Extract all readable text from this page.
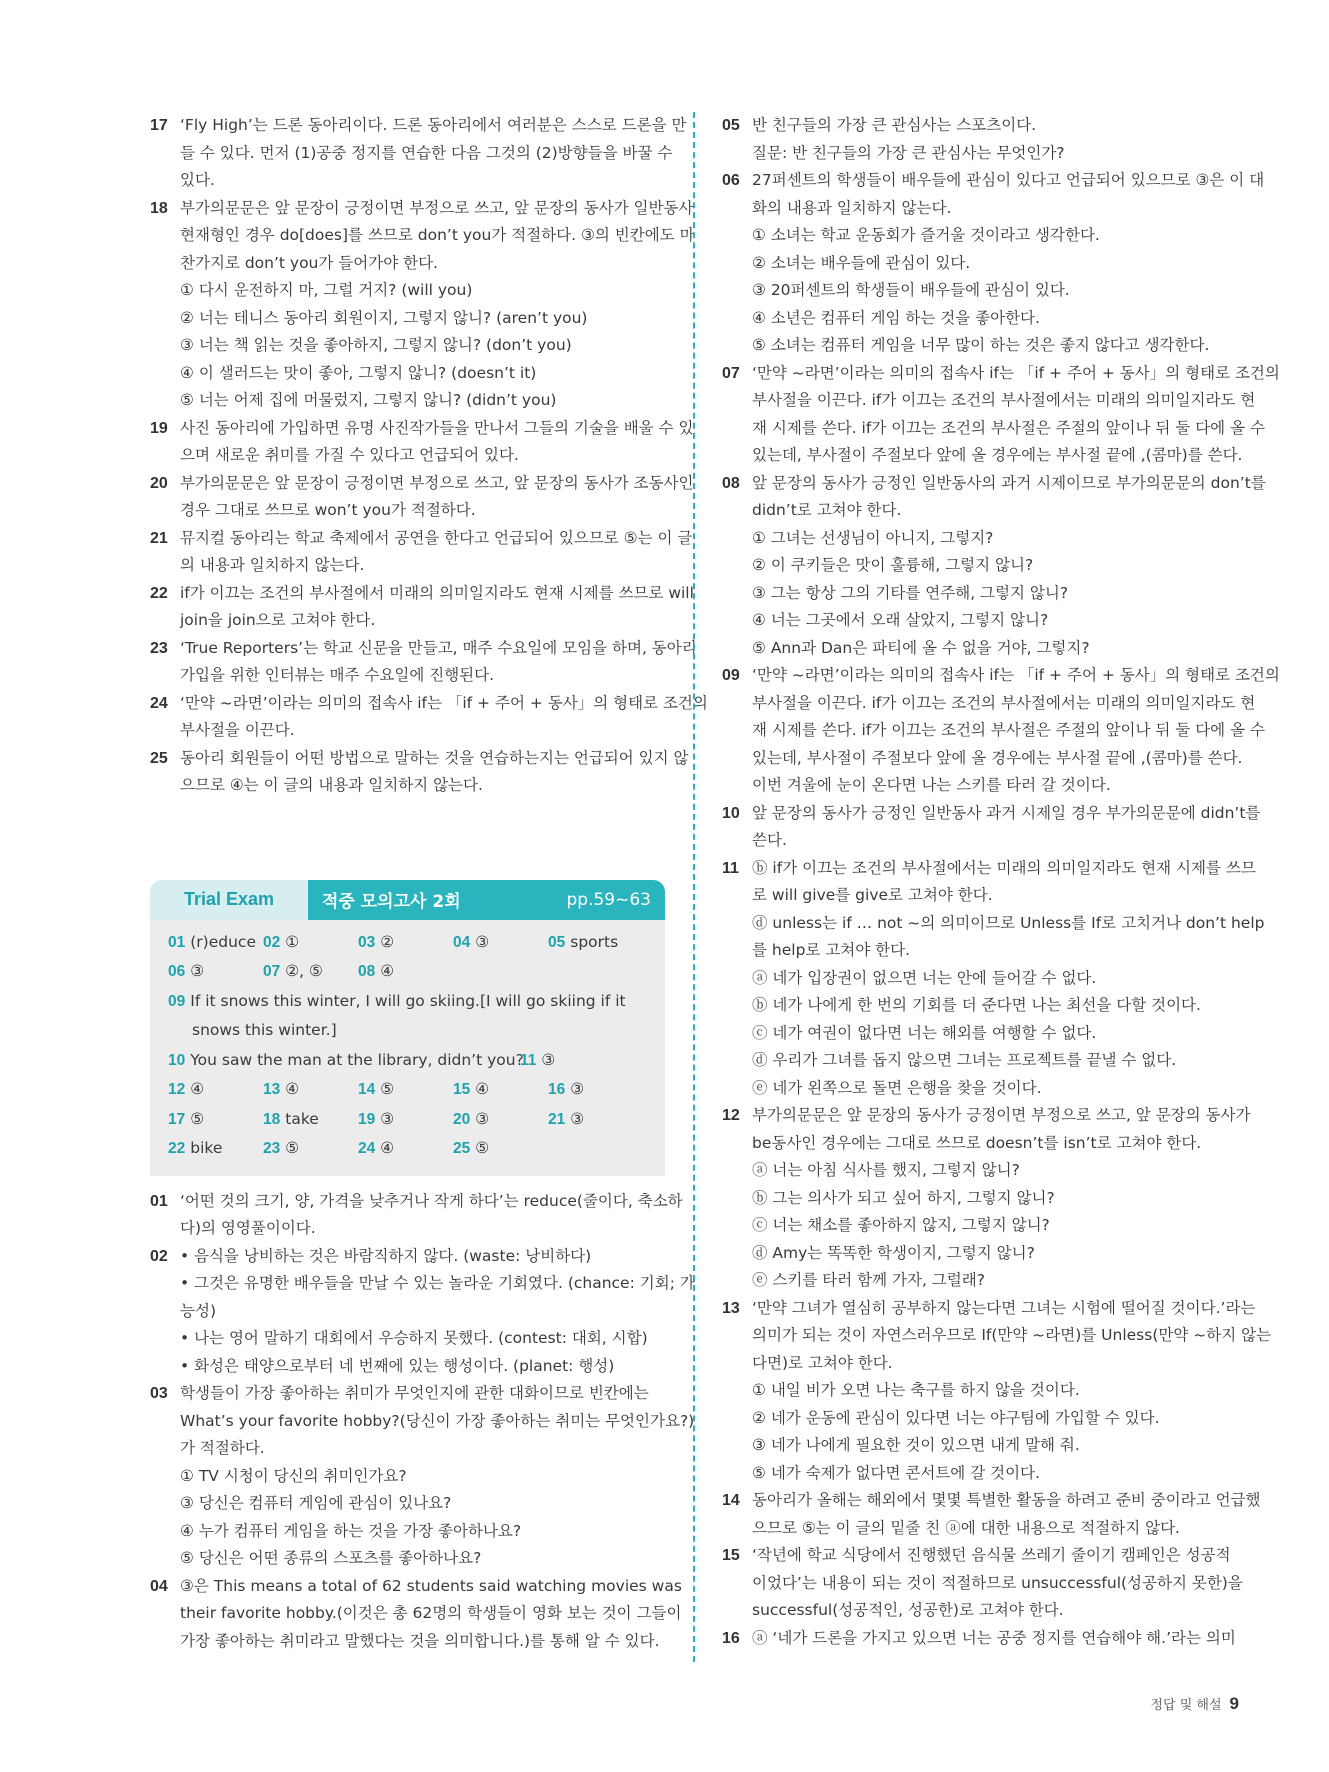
17 ‘Fly High’는 드론 동아리이다. 드론 동아리에서 여러분은 스스로 드론을 만
들 수 있다. 먼저 (1)공중 정지를 연습한 다음 그것의 (2)방향들을 바꿀 수
있다.
18 부가의문문은 앞 문장이 긍정이면 부정으로 쓰고, 앞 문장의 동사가 일반동사
현재형인 경우 do[does]를 쓰므로 don’t you가 적절하다. ③의 빈칸에도 마
찬가지로 don’t you가 들어가야 한다.
① 다시 운전하지 마, 그럴 거지? (will you)
② 너는 테니스 동아리 회원이지, 그렇지 않니? (aren’t you)
③ 너는 책 읽는 것을 좋아하지, 그렇지 않니? (don’t you)
④ 이 샐러드는 맛이 좋아, 그렇지 않니? (doesn’t it)
⑤ 너는 어제 집에 머물렀지, 그렇지 않니? (didn’t you)
19 사진 동아리에 가입하면 유명 사진작가들을 만나서 그들의 기술을 배울 수 있
으며 새로운 취미를 가질 수 있다고 언급되어 있다.
20 부가의문문은 앞 문장이 긍정이면 부정으로 쓰고, 앞 문장의 동사가 조동사인
경우 그대로 쓰므로 won’t you가 적절하다.
21 뮤지컬 동아리는 학교 축제에서 공연을 한다고 언급되어 있으므로 ⑤는 이 글
의 내용과 일치하지 않는다.
22 if가 이끄는 조건의 부사절에서 미래의 의미일지라도 현재 시제를 쓰므로 will
join을 join으로 고쳐야 한다.
23 ‘True Reporters’는 학교 신문을 만들고, 매주 수요일에 모임을 하며, 동아리
가입을 위한 인터뷰는 매주 수요일에 진행된다.
24 ‘만약 ~라면’이라는 의미의 접속사 if는 「if + 주어 + 동사」의 형태로 조건의
부사절을 이끈다.
25 동아리 회원들이 어떤 방법으로 말하는 것을 연습하는지는 언급되어 있지 않
으므로 ④는 이 글의 내용과 일치하지 않는다.
Trial Exam	적중 모의고사 2회	pp.59~63
01 (r)educe 02 ①	03 ②	04 ③	05 sports
06 ③	07 ②, ⑤	08 ④
09 If it snows this winter, I will go skiing.[I will go skiing if it
snows this winter.]
10 You saw the man at the library, didn’t you?
11 ③
12 ④	13 ④	14 ⑤	15 ④	16 ③
17 ⑤	18 take	19 ③	20 ③	21 ③
22 bike	23 ⑤	24 ④	25 ⑤
01 ‘어떤 것의 크기, 양, 가격을 낮추거나 작게 하다’는 reduce(줄이다, 축소하
다)의 영영풀이이다.
02 • 음식을 낭비하는 것은 바람직하지 않다. (waste: 낭비하다)
• 그것은 유명한 배우들을 만날 수 있는 놀라운 기회였다. (chance: 기회; 가
능성)
• 나는 영어 말하기 대회에서 우승하지 못했다. (contest: 대회, 시합)
• 화성은 태양으로부터 네 번째에 있는 행성이다. (planet: 행성)
03 학생들이 가장 좋아하는 취미가 무엇인지에 관한 대화이므로 빈칸에는
What’s your favorite hobby?(당신이 가장 좋아하는 취미는 무엇인가요?)
가 적절하다.
① TV 시청이 당신의 취미인가요?
③ 당신은 컴퓨터 게임에 관심이 있나요?
④ 누가 컴퓨터 게임을 하는 것을 가장 좋아하나요?
⑤ 당신은 어떤 종류의 스포츠를 좋아하나요?
04 ③은 This means a total of 62 students said watching movies was
their favorite hobby.(이것은 총 62명의 학생들이 영화 보는 것이 그들이
가장 좋아하는 취미라고 말했다는 것을 의미합니다.)를 통해 알 수 있다.
05 반 친구들의 가장 큰 관심사는 스포츠이다.
질문: 반 친구들의 가장 큰 관심사는 무엇인가?
06 27퍼센트의 학생들이 배우들에 관심이 있다고 언급되어 있으므로 ③은 이 대
화의 내용과 일치하지 않는다.
① 소녀는 학교 운동회가 즐거울 것이라고 생각한다.
② 소녀는 배우들에 관심이 있다.
③ 20퍼센트의 학생들이 배우들에 관심이 있다.
④ 소년은 컴퓨터 게임 하는 것을 좋아한다.
⑤ 소녀는 컴퓨터 게임을 너무 많이 하는 것은 좋지 않다고 생각한다.
07 ‘만약 ~라면’이라는 의미의 접속사 if는 「if + 주어 + 동사」의 형태로 조건의
부사절을 이끈다. if가 이끄는 조건의 부사절에서는 미래의 의미일지라도 현
재 시제를 쓴다. if가 이끄는 조건의 부사절은 주절의 앞이나 뒤 둘 다에 올 수
있는데, 부사절이 주절보다 앞에 올 경우에는 부사절 끝에 ,(콤마)를 쓴다.
08 앞 문장의 동사가 긍정인 일반동사의 과거 시제이므로 부가의문문의 don’t를
didn’t로 고쳐야 한다.
① 그녀는 선생님이 아니지, 그렇지?
② 이 쿠키들은 맛이 훌륭해, 그렇지 않니?
③ 그는 항상 그의 기타를 연주해, 그렇지 않니?
④ 너는 그곳에서 오래 살았지, 그렇지 않니?
⑤ Ann과 Dan은 파티에 올 수 없을 거야, 그렇지?
09 ‘만약 ~라면’이라는 의미의 접속사 if는 「if + 주어 + 동사」의 형태로 조건의
부사절을 이끈다. if가 이끄는 조건의 부사절에서는 미래의 의미일지라도 현
재 시제를 쓴다. if가 이끄는 조건의 부사절은 주절의 앞이나 뒤 둘 다에 올 수
있는데, 부사절이 주절보다 앞에 올 경우에는 부사절 끝에 ,(콤마)를 쓴다.
이번 겨울에 눈이 온다면 나는 스키를 타러 갈 것이다.
10 앞 문장의 동사가 긍정인 일반동사 과거 시제일 경우 부가의문문에 didn’t를
쓴다.
11 ⓑ if가 이끄는 조건의 부사절에서는 미래의 의미일지라도 현재 시제를 쓰므
로 will give를 give로 고쳐야 한다.
ⓓ unless는 if … not ~의 의미이므로 Unless를 If로 고치거나 don’t help
를 help로 고쳐야 한다.
ⓐ 네가 입장권이 없으면 너는 안에 들어갈 수 없다.
ⓑ 네가 나에게 한 번의 기회를 더 준다면 나는 최선을 다할 것이다.
ⓒ 네가 여권이 없다면 너는 해외를 여행할 수 없다.
ⓓ 우리가 그녀를 돕지 않으면 그녀는 프로젝트를 끝낼 수 없다.
ⓔ 네가 왼쪽으로 돌면 은행을 찾을 것이다.
12 부가의문문은 앞 문장의 동사가 긍정이면 부정으로 쓰고, 앞 문장의 동사가
be동사인 경우에는 그대로 쓰므로 doesn’t를 isn’t로 고쳐야 한다.
ⓐ 너는 아침 식사를 했지, 그렇지 않니?
ⓑ 그는 의사가 되고 싶어 하지, 그렇지 않니?
ⓒ 너는 채소를 좋아하지 않지, 그렇지 않니?
ⓓ Amy는 똑똑한 학생이지, 그렇지 않니?
ⓔ 스키를 타러 함께 가자, 그럴래?
13 ‘만약 그녀가 열심히 공부하지 않는다면 그녀는 시험에 떨어질 것이다.’라는
의미가 되는 것이 자연스러우므로 If(만약 ~라면)를 Unless(만약 ~하지 않는
다면)로 고쳐야 한다.
① 내일 비가 오면 나는 축구를 하지 않을 것이다.
② 네가 운동에 관심이 있다면 너는 야구팀에 가입할 수 있다.
③ 네가 나에게 필요한 것이 있으면 내게 말해 줘.
⑤ 네가 숙제가 없다면 콘서트에 갈 것이다.
14 동아리가 올해는 해외에서 몇몇 특별한 활동을 하려고 준비 중이라고 언급했
으므로 ⑤는 이 글의 밑줄 친 ⓐ에 대한 내용으로 적절하지 않다.
15 ‘작년에 학교 식당에서 진행했던 음식물 쓰레기 줄이기 캠페인은 성공적
이었다’는 내용이 되는 것이 적절하므로 unsuccessful(성공하지 못한)을
successful(성공적인, 성공한)로 고쳐야 한다.
16 ⓐ ‘네가 드론을 가지고 있으면 너는 공중 정지를 연습해야 해.’라는 의미
정답 및 해설 9
